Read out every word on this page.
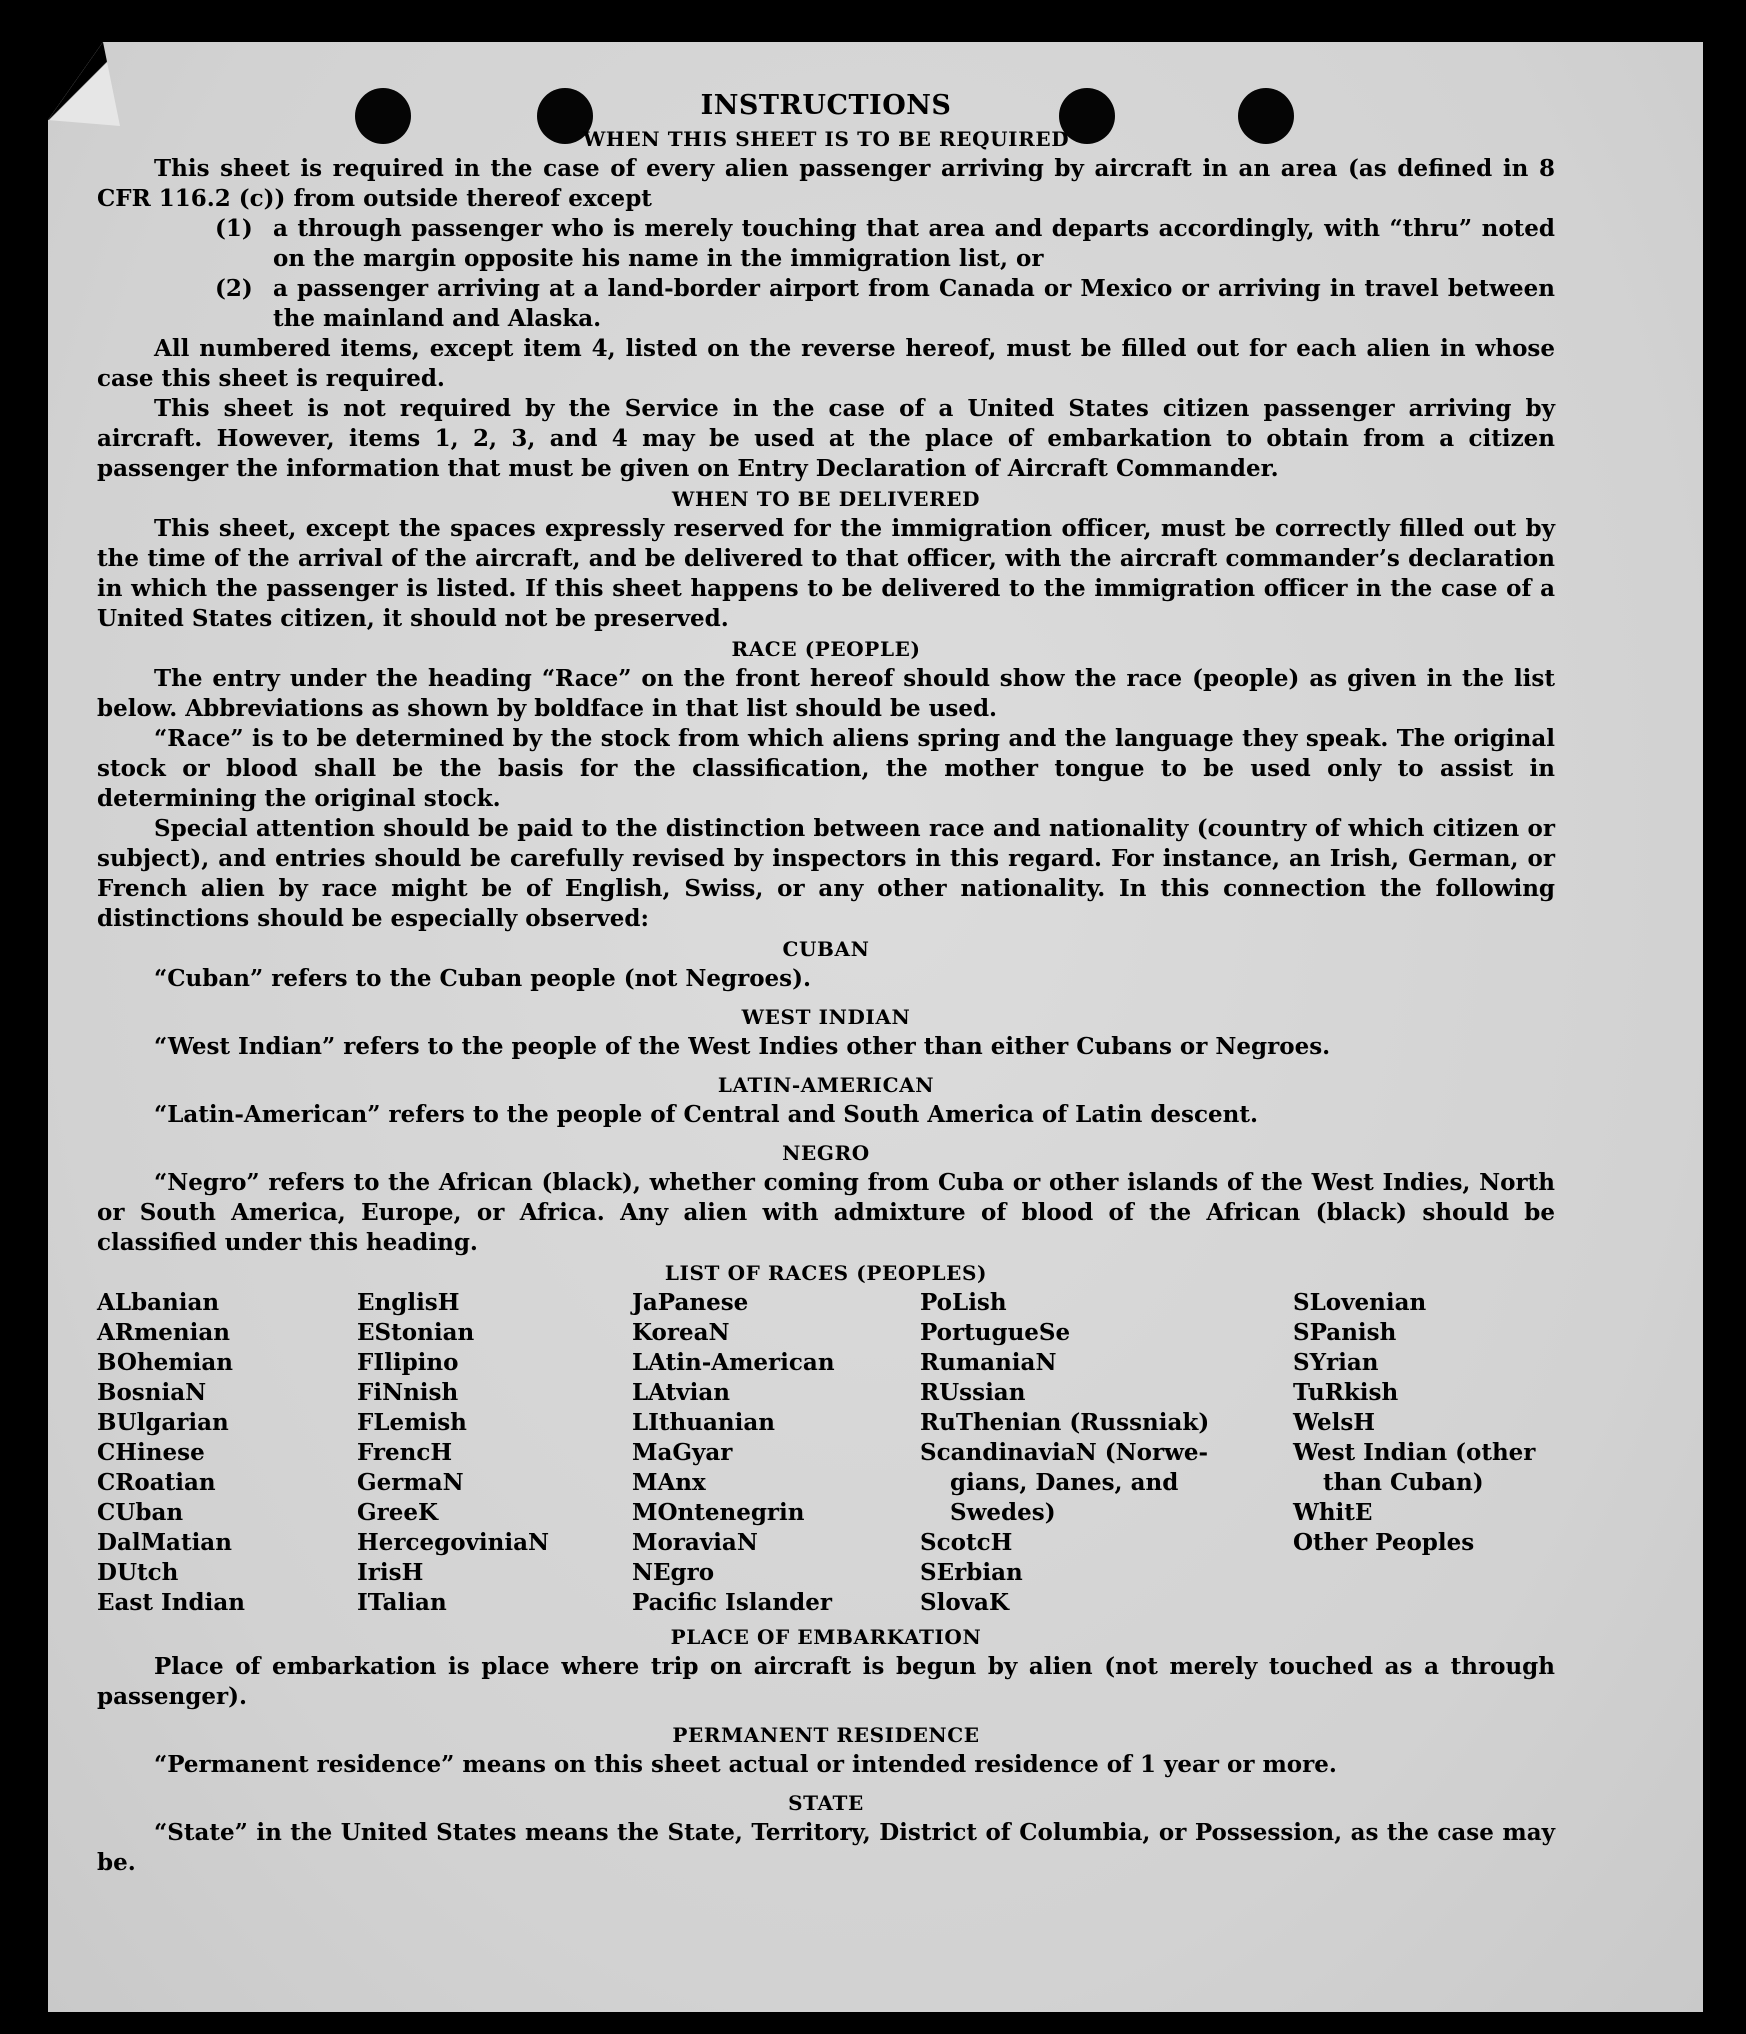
INSTRUCTIONS
WHEN THIS SHEET IS TO BE REQUIRED

This sheet is required in the case of every alien passenger arriving by aircraft in an area (as defined in 8 CFR 116.2 (c)) from outside thereof except

(1) a through passenger who is merely touching that area and departs accordingly, with “thru” noted on the margin opposite his name in the immigration list, or
(2) a passenger arriving at a land-border airport from Canada or Mexico or arriving in travel between the mainland and Alaska.

All numbered items, except item 4, listed on the reverse hereof, must be filled out for each alien in whose case this sheet is required.

This sheet is not required by the Service in the case of a United States citizen passenger arriving by aircraft. However, items 1, 2, 3, and 4 may be used at the place of embarkation to obtain from a citizen passenger the information that must be given on Entry Declaration of Aircraft Commander.

WHEN TO BE DELIVERED

This sheet, except the spaces expressly reserved for the immigration officer, must be correctly filled out by the time of the arrival of the aircraft, and be delivered to that officer, with the aircraft commander’s declaration in which the passenger is listed. If this sheet happens to be delivered to the immigration officer in the case of a United States citizen, it should not be preserved.

RACE (PEOPLE)

The entry under the heading “Race” on the front hereof should show the race (people) as given in the list below. Abbreviations as shown by boldface in that list should be used.

“Race” is to be determined by the stock from which aliens spring and the language they speak. The original stock or blood shall be the basis for the classification, the mother tongue to be used only to assist in determining the original stock.

Special attention should be paid to the distinction between race and nationality (country of which citizen or subject), and entries should be carefully revised by inspectors in this regard. For instance, an Irish, German, or French alien by race might be of English, Swiss, or any other nationality. In this connection the following distinctions should be especially observed:

CUBAN
“Cuban” refers to the Cuban people (not Negroes).
WEST INDIAN
“West Indian” refers to the people of the West Indies other than either Cubans or Negroes.
LATIN-AMERICAN
“Latin-American” refers to the people of Central and South America of Latin descent.
NEGRO

“Negro” refers to the African (black), whether coming from Cuba or other islands of the West Indies, North or South America, Europe, or Africa. Any alien with admixture of blood of the African (black) should be classified under this heading.

LIST OF RACES (PEOPLES)
ALbanian
ARmenian
BOhemian
BosniaN
BUlgarian
CHinese
CRoatian
CUban
DalMatian
DUtch
East Indian
EnglisH
EStonian
FIlipino
FiNnish
FLemish
FrencH
GermaN
GreeK
HercegoviniaN
IrisH
ITalian
JaPanese
KoreaN
LAtin-American
LAtvian
LIthuanian
MaGyar
MAnx
MOntenegrin
MoraviaN
NEgro
Pacific Islander
PoLish
PortugueSe
RumaniaN
RUssian
RuThenian (Russniak)
ScandinaviaN (Norwe-
gians, Danes, and
Swedes)
ScotcH
SErbian
SlovaK
SLovenian
SPanish
SYrian
TuRkish
WelsH
West Indian (other
than Cuban)
WhitE
Other Peoples
PLACE OF EMBARKATION

Place of embarkation is place where trip on aircraft is begun by alien (not merely touched as a through passenger).

PERMANENT RESIDENCE
“Permanent residence” means on this sheet actual or intended residence of 1 year or more.
STATE

“State” in the United States means the State, Territory, District of Columbia, or Possession, as the case may be.
